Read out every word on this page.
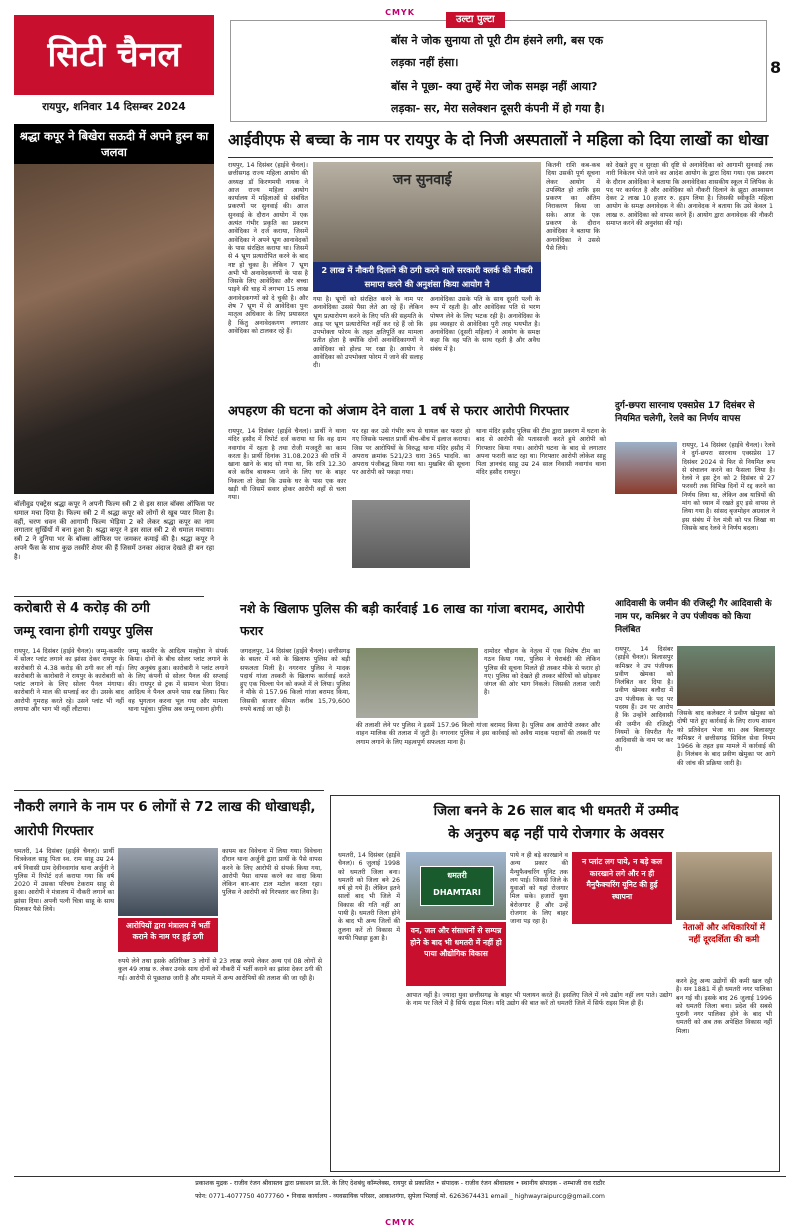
CMYK
सिटी चैनल
रायपुर, शनिवार 14 दिसम्बर 2024
उल्टा पुल्टा
बॉस ने जोक सुनाया तो पूरी टीम हंसने लगी, बस एक
लड़का नहीं हंसा।
बॉस ने पूछा- क्या तुम्हें मेरा जोक समझ नहीं आया?
लड़का- सर, मेरा सलेक्शन दूसरी कंपनी में हो गया है।
8
श्रद्धा कपूर ने बिखेरा सऊदी में अपने हुस्न का जलवा
बॉलीवुड एक्ट्रेस श्रद्धा कपूर ने अपनी फिल्म स्त्री 2 से इस साल बॉक्स ऑफिस पर धमाल मचा दिया है। फिल्म स्त्री 2 में श्रद्धा कपूर को लोगों से खूब प्यार मिला है। वहीं, चरण धवन की आगामी फिल्म भेड़िया 2 को लेकर श्रद्धा कपूर का नाम लगातार सुर्खियों में बना हुआ है। श्रद्धा कपूर ने इस साल स्त्री 2 से धमाल मचाया। स्त्री 2 ने दुनिया भर के बॉक्स ऑफिस पर जमकर कमाई की है। श्रद्धा कपूर ने अपने फैंस के साथ कुछ तस्वीरें शेयर की हैं जिसमें उनका अंदाज देखते ही बन रहा है।
आईवीएफ से बच्चा के नाम पर रायपुर के दो निजी अस्पतालों ने महिला को दिया लाखों का धोखा
रायपुर, 14 दिसंबर (हाईवे चैनल)। छत्तीसगढ़ राज्य महिला आयोग की अध्यक्ष डॉ किरणमयी नायक ने आज राज्य महिला आयोग कार्यालय में महिलाओं से संबंधित प्रकरणों पर सुनवाई की। आज सुनवाई के दौरान आयोग में एक अत्यंत गंभीर प्रकृति का प्रकरण आवेदिका ने दर्ज कराया, जिसमें आवेदिका ने अपने भ्रूण आनावेदकों के पास संरक्षित कराया था। जिसमें से 4 भ्रूण प्रत्यारोपित करने के बाद नष्ट हो चुका है। लेकिन 7 भ्रूण अभी भी अनावेदकगणों के पास है जिसके लिए आवेदिका और बच्चा पाइने की चाह में लगभग 15 लाख अनावेदकगणों को दे चुकी है। और शेष 7 भ्रूण में से आवेदिका पुनः मातृत्व अधिकार के लिए प्रयासरत है किंतु अनावेदकगण लगातार आवेदिका को टालकर रहे हैं।
जन सुनवाई
2 लाख में नौकरी दिलाने की ठगी करने वाले सरकारी क्लर्क की नौकरी समाप्त करने की अनुशंसा किया आयोग ने
गया है। भ्रूणों को संरक्षित करने के नाम पर अनावेदिका उससे पैसा लेते आ रहे हैं। लेकिन भ्रूण प्रत्यारोपण करने के लिए पति की सहमति के आड़ पर भ्रूण प्रत्यारोपित नहीं कर रहे हैं जो कि उपभोक्ता फोरम के तहत क्षतिपूर्ति का मामला प्रतीत होता है क्योंकि दोनों अनावेदिकागणों ने आवेदिका को होल्ड पर रखा है। आयोग ने आवेदिका को उपभोक्ता फोरम में जाने की सलाह दी।
अनावेदिका उसके पति के साथ दूसरी पत्नी के रूप में रहती है। और आवेदिका पति से भरण पोषण लेने के लिए भटक रही है। अनावेदिका के इस व्यवहार से आवेदिका पुरी तरह भयभीत है। अनावेदिका (दूसरी महिला) ने आयोग के समक्ष कहा कि वह पति के साथ रहती है और अवैध संबंध में है।
कितनी राशि कब-कब दिया उसकी पूर्ण सूचना लेकर आयोग में उपस्थित हो ताकि इस प्रकरण का अंतिम निराकरण किया जा सके। आज के एक प्रकरण के दौरान आवेदिका ने बताया कि अनावेदिका ने उससे पैसे लिये।
को देखते हुए व सुरक्षा की दृष्टि से अनावेदिका को आगामी सुनवाई तक नारी निकेतन भेजे जाने का आदेश आयोग के द्वारा दिया गया। एक प्रकरण के दौरान आवेदिका ने बताया कि अनावेदिका शासकीय स्कूल में लिपिक के पद पर कार्यरत है और आवेदिका को नौकरी दिलाने के झूठा आश्वासन देकर 2 लाख 10 हजार रु. हड़प लिया है। जिसकी स्वीकृति महिला आयोग के समक्ष अनावेदक ने की। अनावेदक ने बताया कि उसे केवल 1 लाख रु. आवेदिका को वापस करने हैं। आयोग द्वारा अनावेदक की नौकरी समाप्त करने की अनुशंसा की गई।
अपहरण की घटना को अंजाम देने वाला 1 वर्ष से फरार आरोपी गिरफ्तार
रायपुर, 14 दिसंबर (हाईवे चैनल)। प्रार्थी ने थाना मंदिर हसौद में रिपोर्ट दर्ज कराया था कि वह ग्राम नवागांव में रहता है तथा रोजी मजदूरी का काम करता है। प्रार्थी दिनांक 31.08.2023 की रात्रि में खाना खाने के बाद सो गया था, कि रात्रि 12.30 बजे करीब बाथरूम जाने के लिए घर के बाहर निकला तो देखा कि उसके घर के पास एक कार खड़ी थी जिसमें सवार होकर आरोपी वहाँ से चला गया।
पर रहा कर उसे गंभीर रूप से घायल कर फरार हो गए जिसके पश्चात प्रार्थी बीच-बीच में इलाज कराया। जिस पर आरोपियों के विरुद्ध थाना मंदिर हसौद में अपराध क्रमांक 521/23 धारा 365 भादवि. का अपराध पंजीबद्ध किया गया था। मुखबिर की सूचना पर आरोपी को पकड़ा गया।
थाना मंदिर हसौद पुलिस की टीम द्वारा प्रकरण में घटना के बाद से आरोपी की पतासाजी करते हुये आरोपी को गिरफ्तार किया गया। आरोपी घटना के बाद से लगातार अपना फरारी काट रहा था। गिरफ्तार आरोपी लोकेश साहू पिता ज्ञानचंद साहू उम्र 24 साल निवासी नवागांव थाना मंदिर हसौद रायपुर।
दुर्ग-छपरा सारनाथ एक्सप्रेस 17 दिसंबर से नियमित चलेगी, रेलवे का निर्णय वापस
रायपुर, 14 दिसंबर (हाईवे चैनल)। रेलवे ने दुर्ग-छपरा सारनाथ एक्सप्रेस 17 दिसंबर 2024 से फिर से नियमित रूप से संचालन करने का फैसला लिया है। रेलवे ने इस ट्रेन को 2 दिसंबर से 27 फरवरी तक विभिन्न दिनों में रद्द करने का निर्णय लिया था, लेकिन अब यात्रियों की मांग को ध्यान में रखते हुए इसे वापस ले लिया गया है। सांसद बृजमोहन अग्रवाल ने इस संबंध में रेल मंत्री को पत्र लिखा था जिसके बाद रेलवे ने निर्णय बदला।
करोबारी से 4 करोड़ की ठगी
जम्मू रवाना होगी रायपुर पुलिस
रायपुर, 14 दिसंबर (हाईवे चैनल)। जम्मू-कश्मीर में सोलर प्लांट लगाने का झांसा देकर रायपुर के कारोबारी से 4.38 करोड़ की ठगी कर ली गई। कारोबारी के कारोबारी ने रायपुर के कारोबारी को प्लांट लगाने के लिए सोलर पैनल मंगाया। कारोबारी ने माल की सप्लाई कर दी। उसके बाद आरोपी गुमराह करते रहे। उसने प्लांट भी नहीं लगाया और भाग भी नहीं लौटाया।
जम्मू कश्मीर के आदित्य मल्होत्रा ने संपर्क किया। दोनों के बीच सोलर प्लांट लगाने के लिए अनुबंध हुआ। कारोबारी ने प्लांट लगाने के लिए कंपनी से सोलर पैनल की सप्लाई की। रायपुर से ट्रक में सामान भेजा दिया। आदित्य ने पैनल अपने पास रख लिया। फिर वह भुगतान करना भूल गया और मामला थाना पहुंचा। पुलिस अब जम्मू रवाना होगी।
नशे के खिलाफ पुलिस की बड़ी कार्रवाई 16 लाख का गांजा बरामद, आरोपी फरार
जगदलपुर, 14 दिसंबर (हाईवे चैनल)। छत्तीसगढ़ के बस्तर में नशे के खिलाफ पुलिस को बड़ी सफलता मिली है। नगरनार पुलिस ने मादक पदार्थ गांजा तस्करी के खिलाफ कार्रवाई करते हुए एक चिल्ला पेन को कब्जे में ले लिया। पुलिस ने मौके से 157.96 किलो गांजा बरामद किया, जिसकी बाजार कीमत करीब 15,79,600 रुपये बताई जा रही है।
दामोदर चौहान के नेतृत्व में एक विशेष टीम का गठन किया गया, पुलिस ने घेराबंदी की लेकिन पुलिस की सूचना मिलते ही तस्कर मौके से फरार हो गए। पुलिस को देखते ही तस्कर बोरियों को छोड़कर जंगल की ओर भाग निकले। जिसकी तलाश जारी है।
की तलाशी लेने पर पुलिस ने इसमें 157.96 किलो गांजा बरामद किया है। पुलिस अब आरोपी तस्कर और वाहन मालिक की तलाश में जुटी है। नगरनार पुलिस ने इस कार्रवाई को अवैध मादक पदार्थों की तस्करी पर लगाम लगाने के लिए महत्वपूर्ण सफलता माना है।
आदिवासी के जमीन की रजिस्ट्री गैर आदिवासी के नाम पर, कमिश्नर ने उप पंजीयक को किया निलंबित
रायपुर, 14 दिसंबर (हाईवे चैनल)। बिलासपुर कमिश्नर ने उप पंजीयक प्रवीण खेमका को निलंबित कर दिया है। प्रवीण खेमका बलौदा में उप पंजीयक के पद पर पदस्थ हैं। उन पर आरोप है कि उन्होंने आदिवासी की जमीन की रजिस्ट्री नियमों के विपरीत गैर आदिवासी के नाम पर कर दी।
जिसके बाद कलेक्टर ने प्रवीण खेमुका को दोषी पाते हुए कार्रवाई के लिए राज्य शासन को प्रतिवेदन भेजा था। अब बिलासपुर कमिश्नर ने छत्तीसगढ़ सिविल सेवा नियम 1966 के तहत इस मामले में कार्रवाई की है। निलंबन के बाद प्रवीण खेमुका पर आगे की जांच की प्रक्रिया जारी है।
नौकरी लगाने के नाम पर 6 लोगों से 72 लाख की धोखाधड़ी, आरोपी गिरफ्तार
धमतरी, 14 दिसंबर (हाईवे चैनल)। प्रार्थी चित्रकेवल साहू पिता स्व. राम साहू उम्र 24 वर्ष निवासी ग्राम देवीनवागांव थाना अर्जुनी ने पुलिस में रिपोर्ट दर्ज कराया गया कि वर्ष 2020 में उसका परिचय टेकराम साहू से हुआ। आरोपी ने मंत्रालय में नौकरी लगाने का झांसा दिया। अपनी पत्नी चित्रा साहू के साथ मिलकर पैसे लिये।
आरोपियों द्वारा मंत्रालय में भर्ती कराने के नाम पर हुई ठगी
कायम कर विवेचना में लिया गया। विवेचना दौरान थाना अर्जुनी द्वारा प्रार्थी के पैसे वापस करने के लिए आरोपी से संपर्क किया गया, आरोपी पैसा वापस करने का वादा किया लेकिन बार-बार टाल मटोल करता रहा। पुलिस ने आरोपी को गिरफ्तार कर लिया है।
रुपये लेने तथा इसके अतिरिक्त 3 लोगों से 23 लाख रुपये लेकर अन्य एवं 08 लोगों से कुल 49 लाख रु. लेकर उनके साथ दोनों को नौकरी में भर्ती कराने का झांसा देकर ठगी की गई। आरोपी से पूछताछ जारी है और मामले में अन्य आरोपियों की तलाश की जा रही है।
जिला बनने के 26 साल बाद भी धमतरी में उम्मीद
के अनुरुप बढ़ नहीं पाये रोजगार के अवसर
धमतरी, 14 दिसंबर (हाईवे चैनल)। 6 जुलाई 1998 को धमतरी जिला बना। धमतरी को जिला बने 26 वर्ष हो गये हैं। लेकिन इतने सालों बाद भी जिले में विकास की गति नहीं आ पायी है। धमतरी जिला होने के बाद भी अन्य जिलों की तुलना करें तो विकास में काफी पिछड़ा हुआ है।
धमतरी
DHAMTARI
वन, जल और संसाधनों से सम्पन्न होने के बाद भी धमतरी में नहीं हो पाया औद्योगिक विकास
पाये न ही बड़े कारखाने व अन्य प्रकार की मैन्युफैक्चरिंग यूनिट तक लग पाई। जिससे जिले के युवाओं को यहां रोजगार मिल सके। हजारों युवा बेरोजगार हैं और उन्हें रोजगार के लिए बाहर जाना पड़ रहा है।
न प्लांट लग पाये, न बड़े कल कारखाने लगे और न ही मैनुफैक्चरिंग यूनिट की हुई स्थापना
नेताओं और अधिकारियों में नहीं दूरदर्शिता की कमी
आपात नहीं है। ज्यादा युवा छत्तीसगढ़ के बाहर भी पलायन करते हैं। इसलिए जिले में नये उद्योग नहीं लग पाते। उद्योग के नाम पर जिले में है सिर्फ राइस मिल। यदि उद्योग की बात करें तो धमतरी जिले में सिर्फ राइस मिल ही हैं।
करने हेतु अन्य उद्योगों की कमी खल रही है। सन 1881 में ही धमतरी नगर पालिका बन गई थी। इसके बाद 26 जुलाई 1996 को धमतरी जिला बना। प्रदेश की सबसे पुरानी नगर पालिका होने के बाद भी धमतरी को अब तक अपेक्षित विकास नहीं मिला।
प्रकाशक मुद्रक - राजीव रंजन श्रीवास्तव द्वारा प्रकाशन प्रा.लि. के लिए देशबंधु कॉम्प्लेक्स, रायपुर से प्रकाशित • संपादक - राजीव रंजन श्रीवास्तव • स्थानीय संपादक - शम्भाजी राव राठौर
फोन: 0771-4077750 4077760 • निवास कार्यालय - व्यवसायिक परिसर, आकाशगंगा, सुपेला भिलाई मो. 6263674431 email _ highwayraipurcg@gmail.com
CMYK
